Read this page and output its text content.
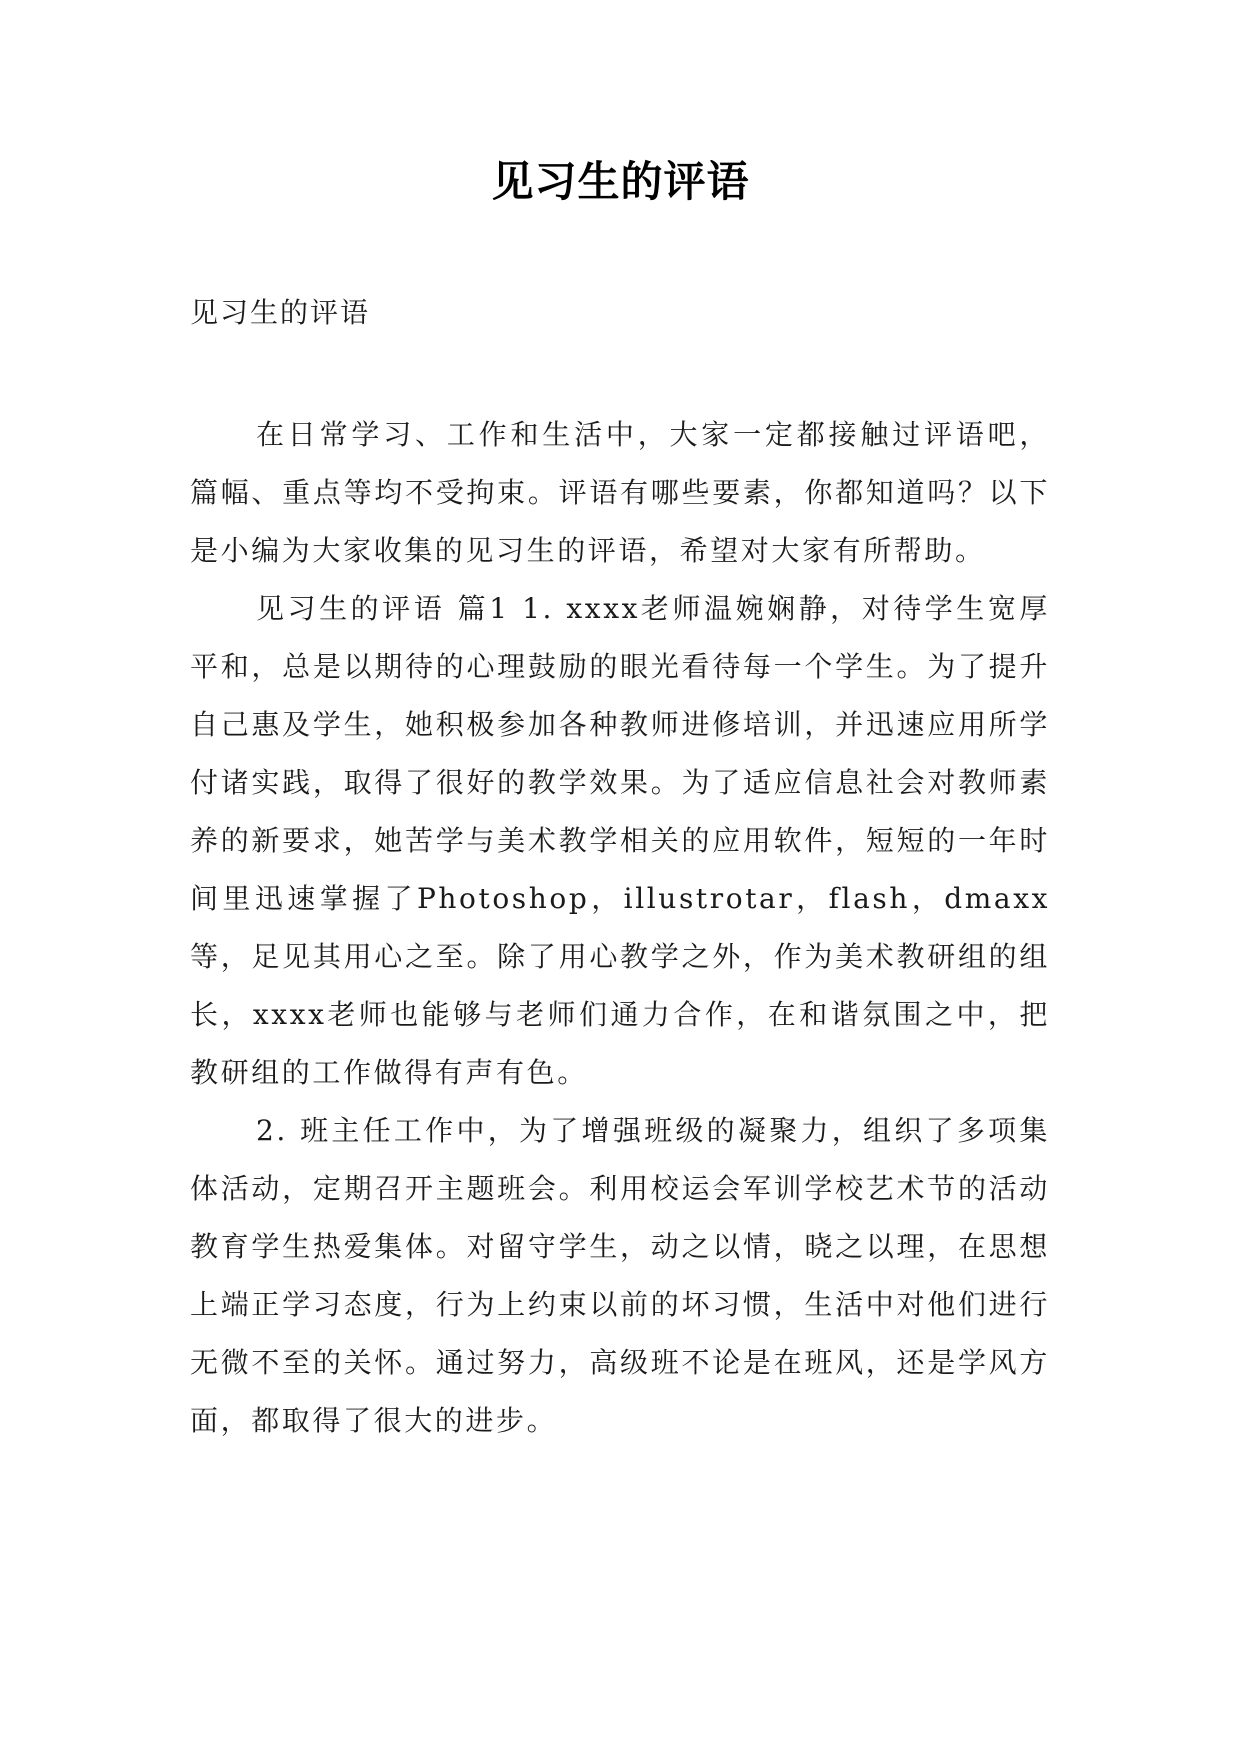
见习生的评语

见习生的评语

在日常学习、工作和生活中，大家一定都接触过评语吧，篇幅、重点等均不受拘束。评语有哪些要素，你都知道吗？以下是小编为大家收集的见习生的评语，希望对大家有所帮助。

见习生的评语 篇1 1. xxxx老师温婉娴静，对待学生宽厚平和，总是以期待的心理鼓励的眼光看待每一个学生。为了提升自己惠及学生，她积极参加各种教师进修培训，并迅速应用所学付诸实践，取得了很好的教学效果。为了适应信息社会对教师素养的新要求，她苦学与美术教学相关的应用软件，短短的一年时间里迅速掌握了Photoshop，illustrotar，flash，dmaxx等，足见其用心之至。除了用心教学之外，作为美术教研组的组长，xxxx老师也能够与老师们通力合作，在和谐氛围之中，把教研组的工作做得有声有色。

2. 班主任工作中，为了增强班级的凝聚力，组织了多项集体活动，定期召开主题班会。利用校运会军训学校艺术节的活动教育学生热爱集体。对留守学生，动之以情，晓之以理，在思想上端正学习态度，行为上约束以前的坏习惯，生活中对他们进行无微不至的关怀。通过努力，高级班不论是在班风，还是学风方面，都取得了很大的进步。
